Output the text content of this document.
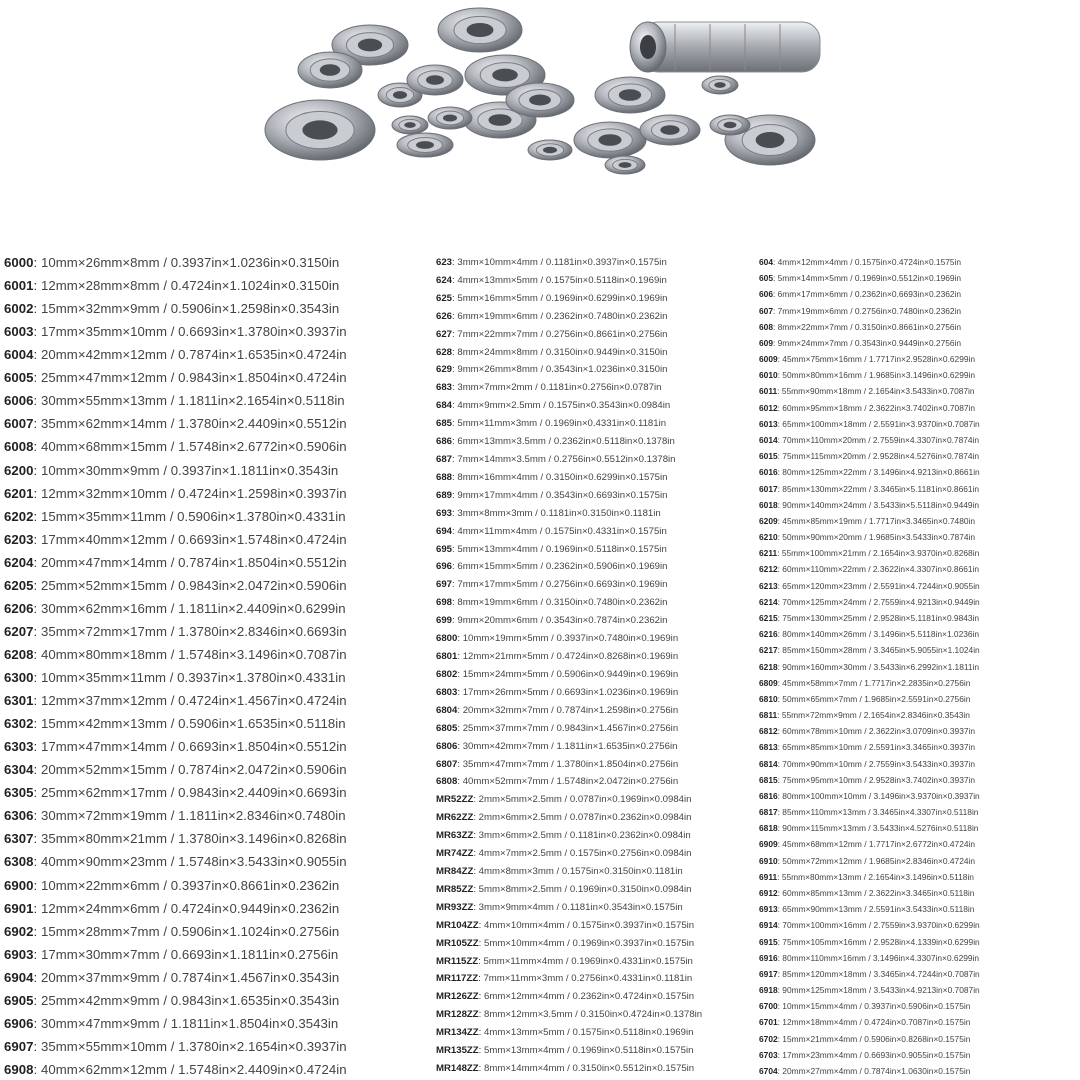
6000: 10mm×26mm×8mm / 0.3937in×1.0236in×0.3150in
6001: 12mm×28mm×8mm / 0.4724in×1.1024in×0.3150in
6002: 15mm×32mm×9mm / 0.5906in×1.2598in×0.3543in
6003: 17mm×35mm×10mm / 0.6693in×1.3780in×0.3937in
6004: 20mm×42mm×12mm / 0.7874in×1.6535in×0.4724in
6005: 25mm×47mm×12mm / 0.9843in×1.8504in×0.4724in
6006: 30mm×55mm×13mm / 1.1811in×2.1654in×0.5118in
6007: 35mm×62mm×14mm / 1.3780in×2.4409in×0.5512in
6008: 40mm×68mm×15mm / 1.5748in×2.6772in×0.5906in
6200: 10mm×30mm×9mm / 0.3937in×1.1811in×0.3543in
6201: 12mm×32mm×10mm / 0.4724in×1.2598in×0.3937in
6202: 15mm×35mm×11mm / 0.5906in×1.3780in×0.4331in
6203: 17mm×40mm×12mm / 0.6693in×1.5748in×0.4724in
6204: 20mm×47mm×14mm / 0.7874in×1.8504in×0.5512in
6205: 25mm×52mm×15mm / 0.9843in×2.0472in×0.5906in
6206: 30mm×62mm×16mm / 1.1811in×2.4409in×0.6299in
6207: 35mm×72mm×17mm / 1.3780in×2.8346in×0.6693in
6208: 40mm×80mm×18mm / 1.5748in×3.1496in×0.7087in
6300: 10mm×35mm×11mm / 0.3937in×1.3780in×0.4331in
6301: 12mm×37mm×12mm / 0.4724in×1.4567in×0.4724in
6302: 15mm×42mm×13mm / 0.5906in×1.6535in×0.5118in
6303: 17mm×47mm×14mm / 0.6693in×1.8504in×0.5512in
6304: 20mm×52mm×15mm / 0.7874in×2.0472in×0.5906in
6305: 25mm×62mm×17mm / 0.9843in×2.4409in×0.6693in
6306: 30mm×72mm×19mm / 1.1811in×2.8346in×0.7480in
6307: 35mm×80mm×21mm / 1.3780in×3.1496in×0.8268in
6308: 40mm×90mm×23mm / 1.5748in×3.5433in×0.9055in
6900: 10mm×22mm×6mm / 0.3937in×0.8661in×0.2362in
6901: 12mm×24mm×6mm / 0.4724in×0.9449in×0.2362in
6902: 15mm×28mm×7mm / 0.5906in×1.1024in×0.2756in
6903: 17mm×30mm×7mm / 0.6693in×1.1811in×0.2756in
6904: 20mm×37mm×9mm / 0.7874in×1.4567in×0.3543in
6905: 25mm×42mm×9mm / 0.9843in×1.6535in×0.3543in
6906: 30mm×47mm×9mm / 1.1811in×1.8504in×0.3543in
6907: 35mm×55mm×10mm / 1.3780in×2.1654in×0.3937in
6908: 40mm×62mm×12mm / 1.5748in×2.4409in×0.4724in
623: 3mm×10mm×4mm / 0.1181in×0.3937in×0.1575in
624: 4mm×13mm×5mm / 0.1575in×0.5118in×0.1969in
625: 5mm×16mm×5mm / 0.1969in×0.6299in×0.1969in
626: 6mm×19mm×6mm / 0.2362in×0.7480in×0.2362in
627: 7mm×22mm×7mm / 0.2756in×0.8661in×0.2756in
628: 8mm×24mm×8mm / 0.3150in×0.9449in×0.3150in
629: 9mm×26mm×8mm / 0.3543in×1.0236in×0.3150in
683: 3mm×7mm×2mm / 0.1181in×0.2756in×0.0787in
684: 4mm×9mm×2.5mm / 0.1575in×0.3543in×0.0984in
685: 5mm×11mm×3mm / 0.1969in×0.4331in×0.1181in
686: 6mm×13mm×3.5mm / 0.2362in×0.5118in×0.1378in
687: 7mm×14mm×3.5mm / 0.2756in×0.5512in×0.1378in
688: 8mm×16mm×4mm / 0.3150in×0.6299in×0.1575in
689: 9mm×17mm×4mm / 0.3543in×0.6693in×0.1575in
693: 3mm×8mm×3mm / 0.1181in×0.3150in×0.1181in
694: 4mm×11mm×4mm / 0.1575in×0.4331in×0.1575in
695: 5mm×13mm×4mm / 0.1969in×0.5118in×0.1575in
696: 6mm×15mm×5mm / 0.2362in×0.5906in×0.1969in
697: 7mm×17mm×5mm / 0.2756in×0.6693in×0.1969in
698: 8mm×19mm×6mm / 0.3150in×0.7480in×0.2362in
699: 9mm×20mm×6mm / 0.3543in×0.7874in×0.2362in
6800: 10mm×19mm×5mm / 0.3937in×0.7480in×0.1969in
6801: 12mm×21mm×5mm / 0.4724in×0.8268in×0.1969in
6802: 15mm×24mm×5mm / 0.5906in×0.9449in×0.1969in
6803: 17mm×26mm×5mm / 0.6693in×1.0236in×0.1969in
6804: 20mm×32mm×7mm / 0.7874in×1.2598in×0.2756in
6805: 25mm×37mm×7mm / 0.9843in×1.4567in×0.2756in
6806: 30mm×42mm×7mm / 1.1811in×1.6535in×0.2756in
6807: 35mm×47mm×7mm / 1.3780in×1.8504in×0.2756in
6808: 40mm×52mm×7mm / 1.5748in×2.0472in×0.2756in
MR52ZZ: 2mm×5mm×2.5mm / 0.0787in×0.1969in×0.0984in
MR62ZZ: 2mm×6mm×2.5mm / 0.0787in×0.2362in×0.0984in
MR63ZZ: 3mm×6mm×2.5mm / 0.1181in×0.2362in×0.0984in
MR74ZZ: 4mm×7mm×2.5mm / 0.1575in×0.2756in×0.0984in
MR84ZZ: 4mm×8mm×3mm / 0.1575in×0.3150in×0.1181in
MR85ZZ: 5mm×8mm×2.5mm / 0.1969in×0.3150in×0.0984in
MR93ZZ: 3mm×9mm×4mm / 0.1181in×0.3543in×0.1575in
MR104ZZ: 4mm×10mm×4mm / 0.1575in×0.3937in×0.1575in
MR105ZZ: 5mm×10mm×4mm / 0.1969in×0.3937in×0.1575in
MR115ZZ: 5mm×11mm×4mm / 0.1969in×0.4331in×0.1575in
MR117ZZ: 7mm×11mm×3mm / 0.2756in×0.4331in×0.1181in
MR126ZZ: 6mm×12mm×4mm / 0.2362in×0.4724in×0.1575in
MR128ZZ: 8mm×12mm×3.5mm / 0.3150in×0.4724in×0.1378in
MR134ZZ: 4mm×13mm×5mm / 0.1575in×0.5118in×0.1969in
MR135ZZ: 5mm×13mm×4mm / 0.1969in×0.5118in×0.1575in
MR148ZZ: 8mm×14mm×4mm / 0.3150in×0.5512in×0.1575in
604: 4mm×12mm×4mm / 0.1575in×0.4724in×0.1575in
605: 5mm×14mm×5mm / 0.1969in×0.5512in×0.1969in
606: 6mm×17mm×6mm / 0.2362in×0.6693in×0.2362in
607: 7mm×19mm×6mm / 0.2756in×0.7480in×0.2362in
608: 8mm×22mm×7mm / 0.3150in×0.8661in×0.2756in
609: 9mm×24mm×7mm / 0.3543in×0.9449in×0.2756in
6009: 45mm×75mm×16mm / 1.7717in×2.9528in×0.6299in
6010: 50mm×80mm×16mm / 1.9685in×3.1496in×0.6299in
6011: 55mm×90mm×18mm / 2.1654in×3.5433in×0.7087in
6012: 60mm×95mm×18mm / 2.3622in×3.7402in×0.7087in
6013: 65mm×100mm×18mm / 2.5591in×3.9370in×0.7087in
6014: 70mm×110mm×20mm / 2.7559in×4.3307in×0.7874in
6015: 75mm×115mm×20mm / 2.9528in×4.5276in×0.7874in
6016: 80mm×125mm×22mm / 3.1496in×4.9213in×0.8661in
6017: 85mm×130mm×22mm / 3.3465in×5.1181in×0.8661in
6018: 90mm×140mm×24mm / 3.5433in×5.5118in×0.9449in
6209: 45mm×85mm×19mm / 1.7717in×3.3465in×0.7480in
6210: 50mm×90mm×20mm / 1.9685in×3.5433in×0.7874in
6211: 55mm×100mm×21mm / 2.1654in×3.9370in×0.8268in
6212: 60mm×110mm×22mm / 2.3622in×4.3307in×0.8661in
6213: 65mm×120mm×23mm / 2.5591in×4.7244in×0.9055in
6214: 70mm×125mm×24mm / 2.7559in×4.9213in×0.9449in
6215: 75mm×130mm×25mm / 2.9528in×5.1181in×0.9843in
6216: 80mm×140mm×26mm / 3.1496in×5.5118in×1.0236in
6217: 85mm×150mm×28mm / 3.3465in×5.9055in×1.1024in
6218: 90mm×160mm×30mm / 3.5433in×6.2992in×1.1811in
6809: 45mm×58mm×7mm / 1.7717in×2.2835in×0.2756in
6810: 50mm×65mm×7mm / 1.9685in×2.5591in×0.2756in
6811: 55mm×72mm×9mm / 2.1654in×2.8346in×0.3543in
6812: 60mm×78mm×10mm / 2.3622in×3.0709in×0.3937in
6813: 65mm×85mm×10mm / 2.5591in×3.3465in×0.3937in
6814: 70mm×90mm×10mm / 2.7559in×3.5433in×0.3937in
6815: 75mm×95mm×10mm / 2.9528in×3.7402in×0.3937in
6816: 80mm×100mm×10mm / 3.1496in×3.9370in×0.3937in
6817: 85mm×110mm×13mm / 3.3465in×4.3307in×0.5118in
6818: 90mm×115mm×13mm / 3.5433in×4.5276in×0.5118in
6909: 45mm×68mm×12mm / 1.7717in×2.6772in×0.4724in
6910: 50mm×72mm×12mm / 1.9685in×2.8346in×0.4724in
6911: 55mm×80mm×13mm / 2.1654in×3.1496in×0.5118in
6912: 60mm×85mm×13mm / 2.3622in×3.3465in×0.5118in
6913: 65mm×90mm×13mm / 2.5591in×3.5433in×0.5118in
6914: 70mm×100mm×16mm / 2.7559in×3.9370in×0.6299in
6915: 75mm×105mm×16mm / 2.9528in×4.1339in×0.6299in
6916: 80mm×110mm×16mm / 3.1496in×4.3307in×0.6299in
6917: 85mm×120mm×18mm / 3.3465in×4.7244in×0.7087in
6918: 90mm×125mm×18mm / 3.5433in×4.9213in×0.7087in
6700: 10mm×15mm×4mm / 0.3937in×0.5906in×0.1575in
6701: 12mm×18mm×4mm / 0.4724in×0.7087in×0.1575in
6702: 15mm×21mm×4mm / 0.5906in×0.8268in×0.1575in
6703: 17mm×23mm×4mm / 0.6693in×0.9055in×0.1575in
6704: 20mm×27mm×4mm / 0.7874in×1.0630in×0.1575in
